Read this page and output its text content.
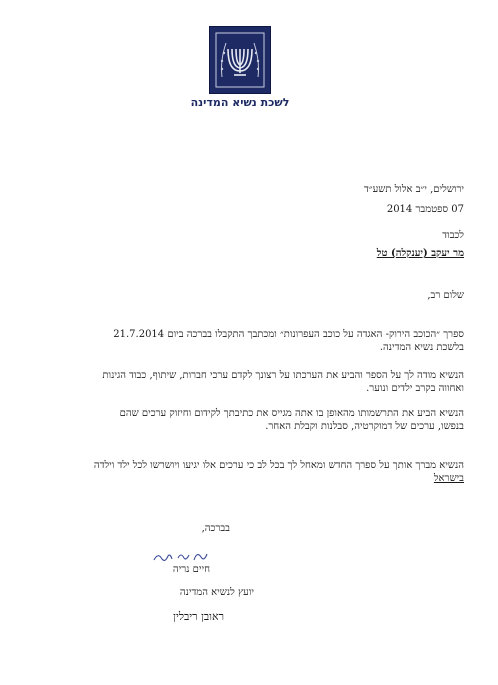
לשכת נשיא המדינה
ירושלים, י״ב אלול תשע״ד
07 ספטמבר 2014
לכבוד
מר יעקב (יענקלה) טל
שלום רב,
ספרך ״הכוכב הירוק- האגדה על כוכב העפרונות״ ומכתבך התקבלו בברכה ביום 21.7.2014
בלשכת נשיא המדינה.
הנשיא מודה לך על הספר והביע את הערכתו על רצונך לקדם ערכי חברות, שיתוף, כבוד הגינות
ואחווה בקרב ילדים ונוער.
הנשיא הביע את התרשמותו מהאופן בו אתה מגייס את כתיבתך לקידום וחיזוק ערכים שהם
בנפשו, ערכים של דמוקרטיה, סבלנות וקבלת האחר.
הנשיא מברך אותך על ספרך החדש ומאחל לך בכל לב כי ערכים אלו יגיעו ויושרשו לכל ילד וילדה
בישראל
בברכה,
חיים נריה
יועץ לנשיא המדינה
ראובן ריבלין
